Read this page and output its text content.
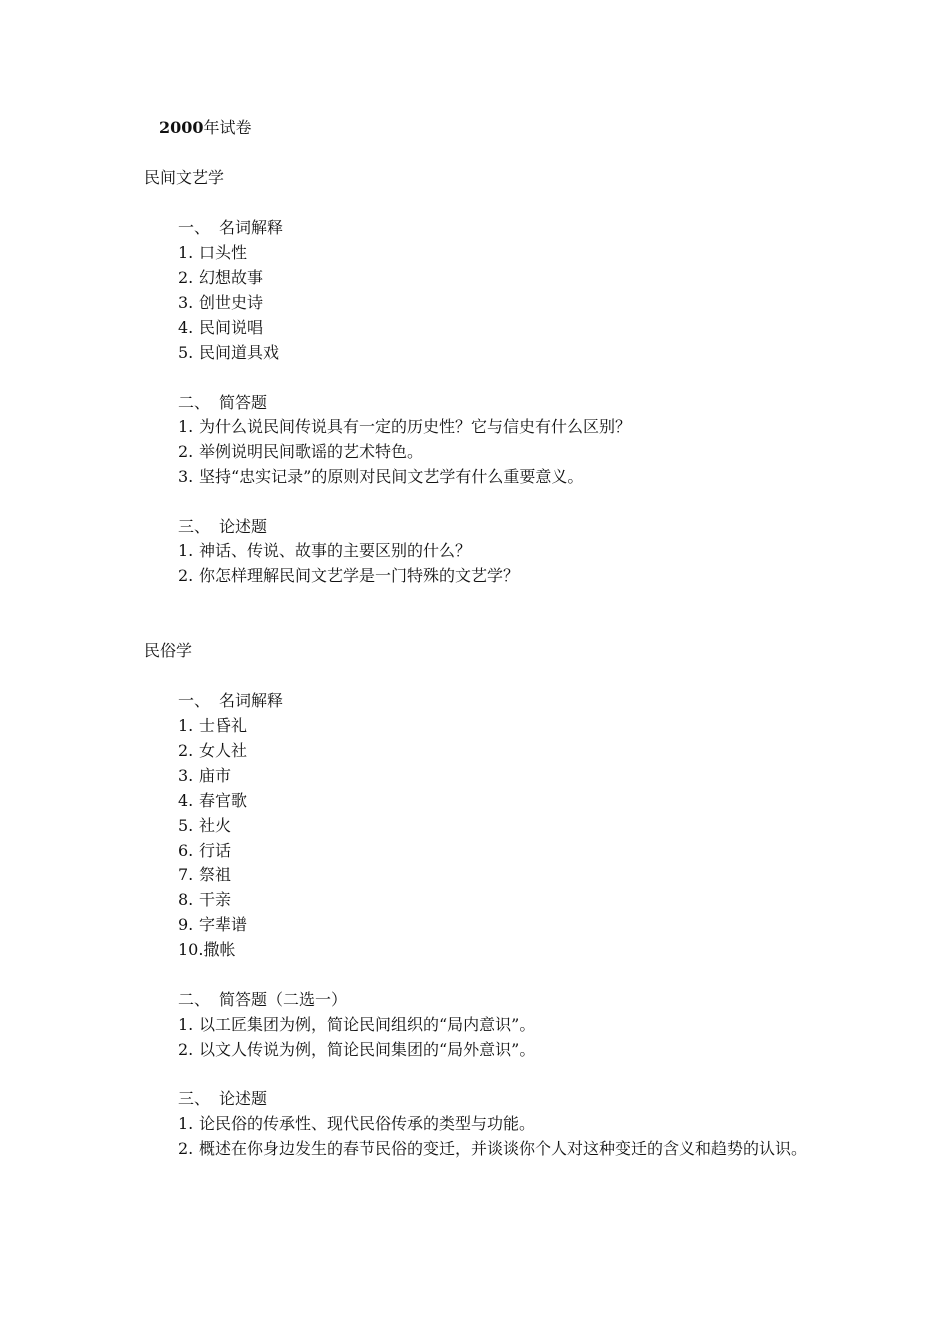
2000年试卷
民间文艺学
一、 名词解释
1. 口头性
2. 幻想故事
3. 创世史诗
4. 民间说唱
5. 民间道具戏
二、 简答题
1. 为什么说民间传说具有一定的历史性？它与信史有什么区别？
2. 举例说明民间歌谣的艺术特色。
3. 坚持“忠实记录”的原则对民间文艺学有什么重要意义。
三、 论述题
1. 神话、传说、故事的主要区别的什么？
2. 你怎样理解民间文艺学是一门特殊的文艺学？
民俗学
一、 名词解释
1. 士昏礼
2. 女人社
3. 庙市
4. 春官歌
5. 社火
6. 行话
7. 祭祖
8. 干亲
9. 字辈谱
10.撒帐
二、 简答题（二选一）
1. 以工匠集团为例，简论民间组织的“局内意识”。
2. 以文人传说为例，简论民间集团的“局外意识”。
三、 论述题
1. 论民俗的传承性、现代民俗传承的类型与功能。
2. 概述在你身边发生的春节民俗的变迁，并谈谈你个人对这种变迁的含义和趋势的认识。
